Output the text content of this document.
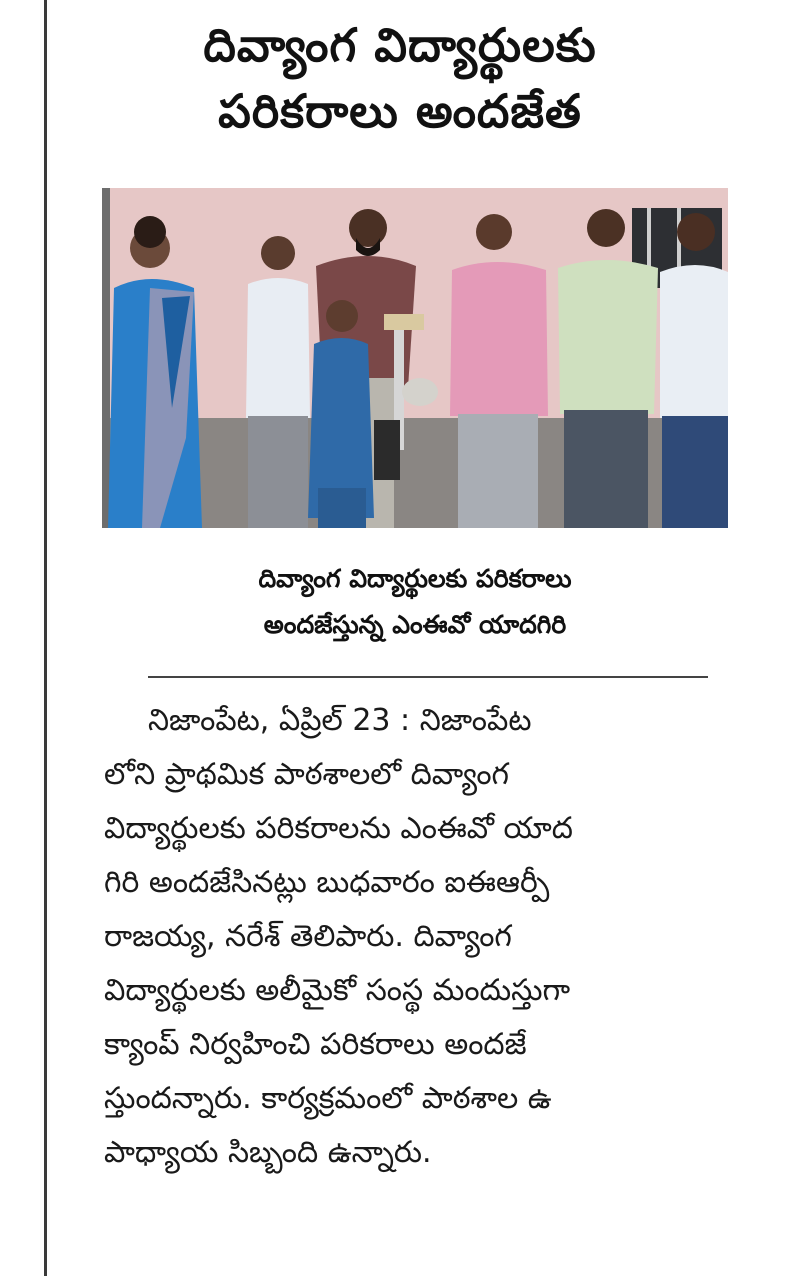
దివ్యాంగ విద్యార్థులకు
పరికరాలు అందజేత

దివ్యాంగ విద్యార్థులకు పరికరాలు
అందజేస్తున్న ఎంఈవో యాదగిరి

నిజాంపేట, ఏప్రిల్ 23 : నిజాంపేట
లోని ప్రాథమిక పాఠశాలలో దివ్యాంగ
విద్యార్థులకు పరికరాలను ఎంఈవో యాద
గిరి అందజేసినట్లు బుధవారం ఐఈఆర్పీ
రాజయ్య, నరేశ్ తెలిపారు. దివ్యాంగ
విద్యార్థులకు అలీమైకో సంస్థ మందుస్తుగా
క్యాంప్ నిర్వహించి పరికరాలు అందజే
స్తుందన్నారు. కార్యక్రమంలో పాఠశాల ఉ
పాధ్యాయ సిబ్బంది ఉన్నారు.
